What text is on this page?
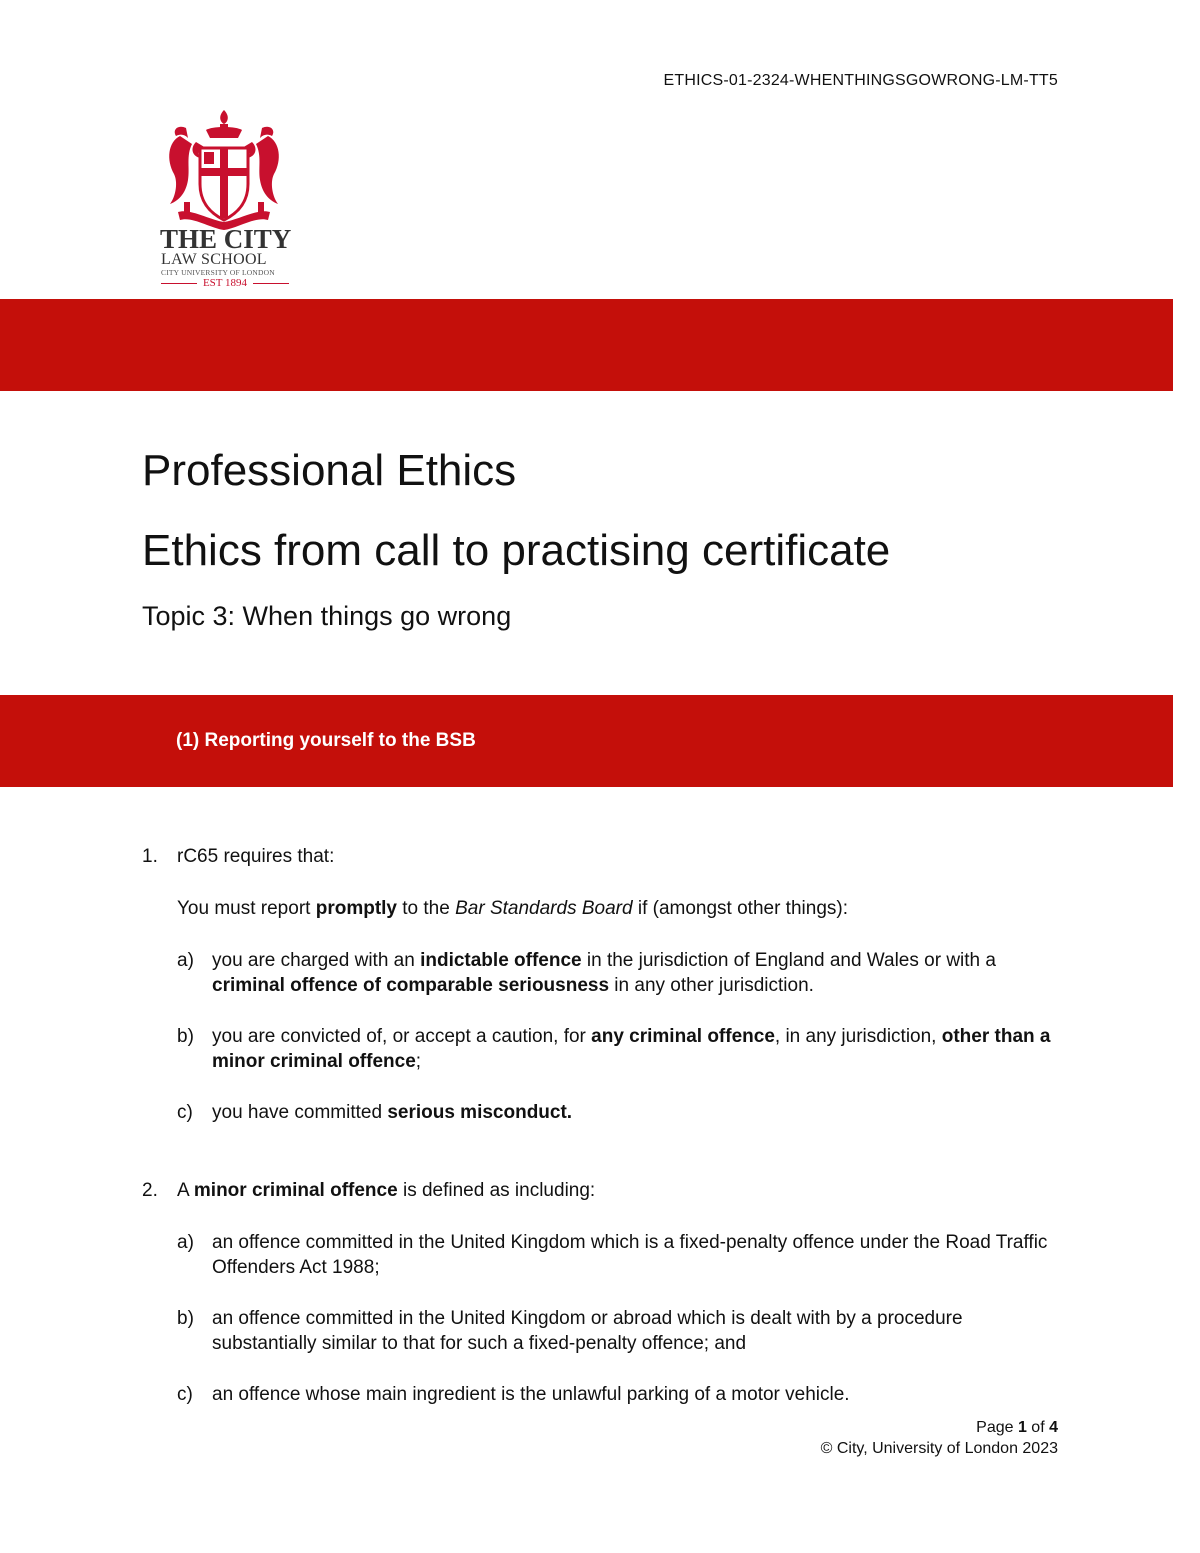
ETHICS-01-2324-WHENTHINGSGOWRONG-LM-TT5
THE CITY
LAW SCHOOL
CITY UNIVERSITY OF LONDON
EST 1894
Professional Ethics
Ethics from call to practising certificate
Topic 3: When things go wrong
(1) Reporting yourself to the BSB
1.	rC65 requires that:
You must report promptly to the Bar Standards Board if (amongst other things):
a) you are charged with an indictable offence in the jurisdiction of England and Wales or with a criminal offence of comparable seriousness in any other jurisdiction.
b) you are convicted of, or accept a caution, for any criminal offence, in any jurisdiction, other than a minor criminal offence;
c)	you have committed serious misconduct.
2.	A minor criminal offence is defined as including:
a) an offence committed in the United Kingdom which is a fixed-penalty offence under the Road Traffic Offenders Act 1988;
b) an offence committed in the United Kingdom or abroad which is dealt with by a procedure substantially similar to that for such a fixed-penalty offence; and
c)	an offence whose main ingredient is the unlawful parking of a motor vehicle.
Page 1 of 4
© City, University of London 2023
